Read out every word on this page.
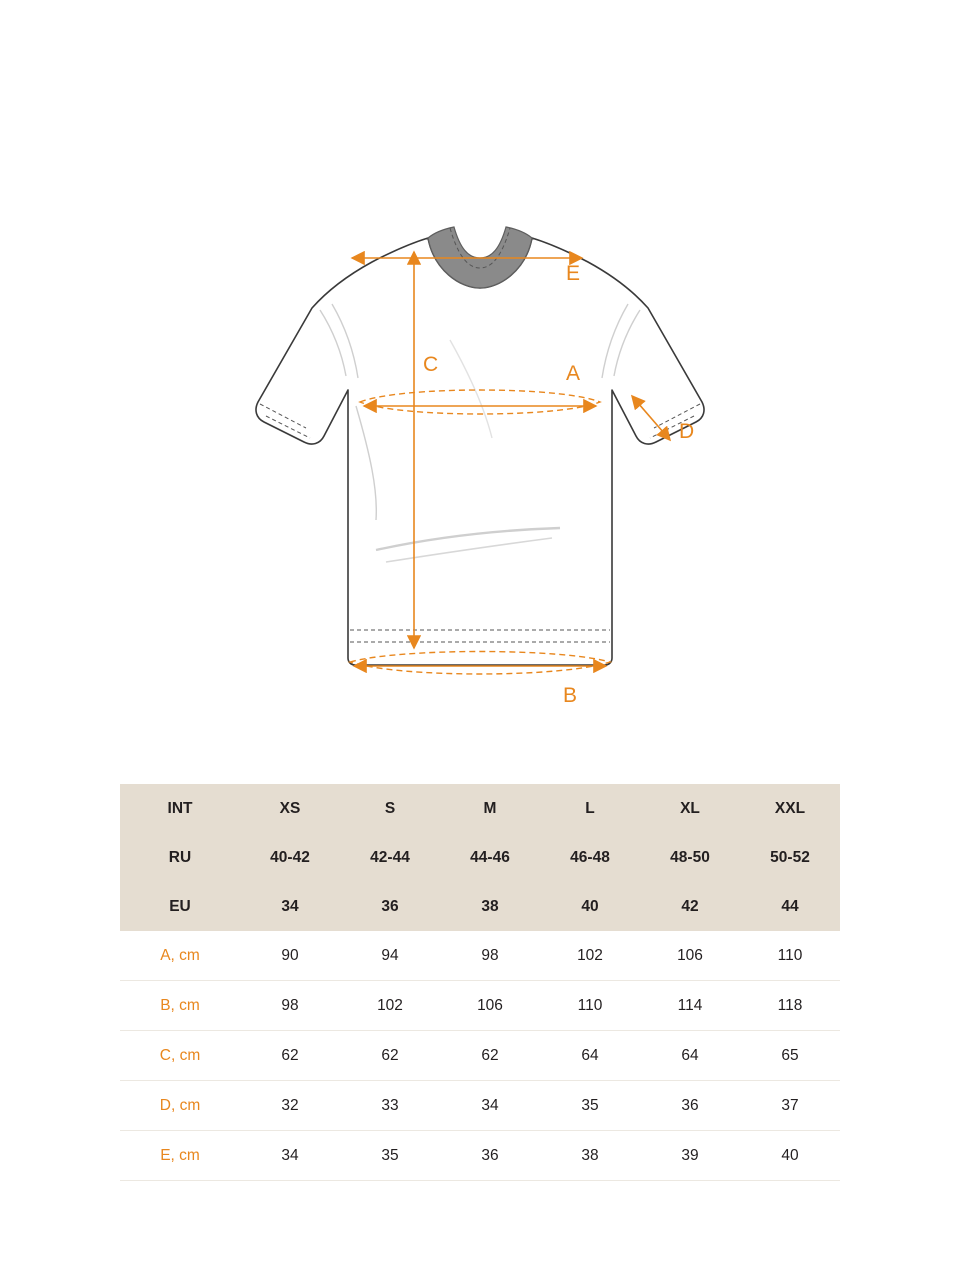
E
C	A
D
B
INT	XS	S	M	L	XL	XXL
RU	40-42	42-44	44-46	46-48	48-50	50-52
EU	34	36	38	40	42	44
A, cm	90	94	98	102	106	110
B, cm	98	102	106	110	114	118
C, cm	62	62	62	64	64	65
D, cm	32	33	34	35	36	37
E, cm	34	35	36	38	39	40
